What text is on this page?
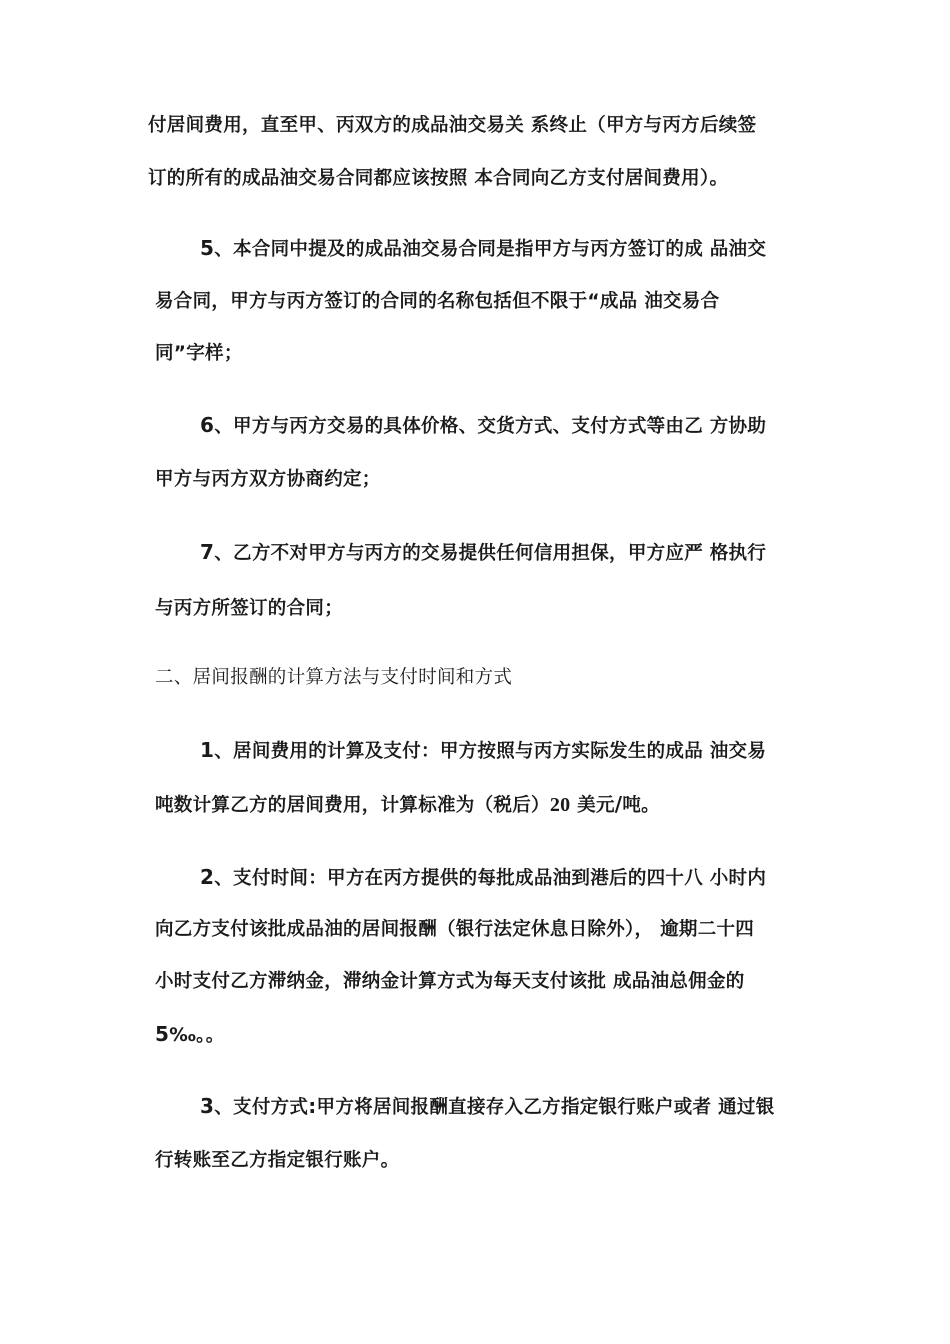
付居间费用，直至甲、丙双方的成品油交易关 系终止（甲方与丙方后续签
订的所有的成品油交易合同都应该按照 本合同向乙方支付居间费用）。
5、本合同中提及的成品油交易合同是指甲方与丙方签订的成 品油交
易合同，甲方与丙方签订的合同的名称包括但不限于“成品 油交易合
同”字样；
6、甲方与丙方交易的具体价格、交货方式、支付方式等由乙 方协助
甲方与丙方双方协商约定；
7、乙方不对甲方与丙方的交易提供任何信用担保，甲方应严 格执行
与丙方所签订的合同；
二、居间报酬的计算方法与支付时间和方式
1、居间费用的计算及支付：甲方按照与丙方实际发生的成品 油交易
吨数计算乙方的居间费用，计算标准为（税后）20 美元/吨。
2、支付时间：甲方在丙方提供的每批成品油到港后的四十八 小时内
向乙方支付该批成品油的居间报酬（银行法定休息日除外）， 逾期二十四
小时支付乙方滞纳金，滞纳金计算方式为每天支付该批 成品油总佣金的
5‰。。
3、支付方式:甲方将居间报酬直接存入乙方指定银行账户或者 通过银
行转账至乙方指定银行账户。
